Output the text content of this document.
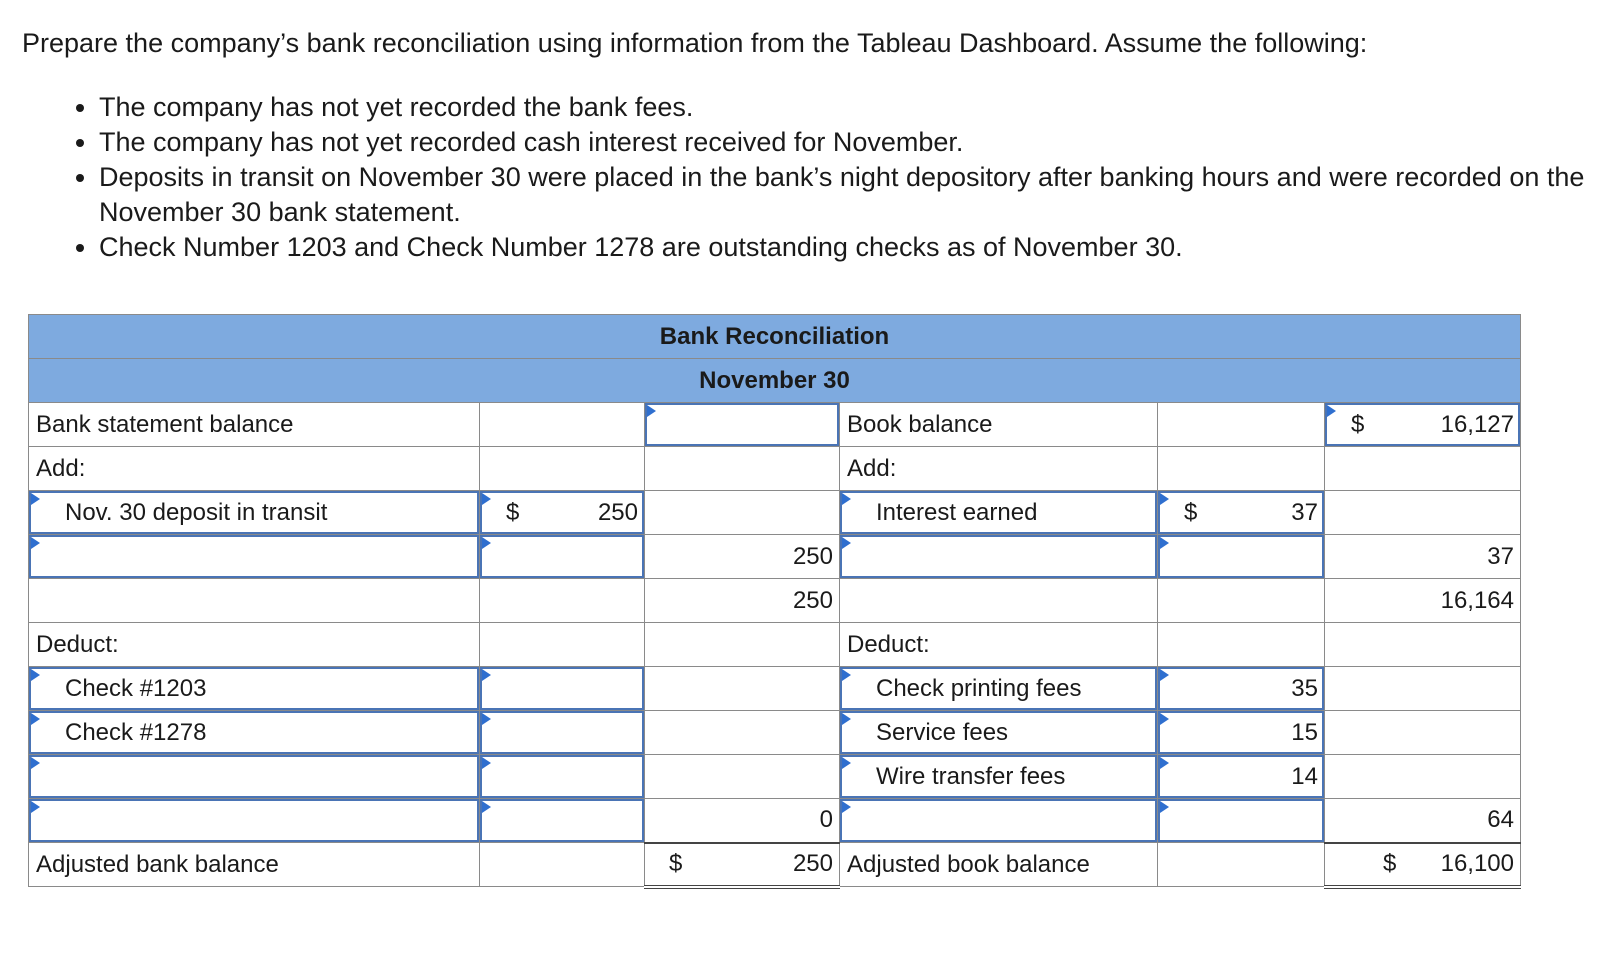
Prepare the company’s bank reconciliation using information from the Tableau Dashboard. Assume the following:

• The company has not yet recorded the bank fees.
• The company has not yet recorded cash interest received for November.
• Deposits in transit on November 30 were placed in the bank’s night depository after banking hours and were recorded on the November 30 bank statement.
• Check Number 1203 and Check Number 1278 are outstanding checks as of November 30.
Bank Reconciliation					
November 30					
Bank statement balance			Book balance		$ 16,127
Add:			Add:		
Nov. 30 deposit in transit	$ 250		Interest earned	$ 37	
		250			37
		250			16,164
Deduct:			Deduct:		
Check #1203			Check printing fees	35	
Check #1278			Service fees	15	
			Wire transfer fees	14	
		0			64
Adjusted bank balance		$ 250	Adjusted book balance		$ 16,100
